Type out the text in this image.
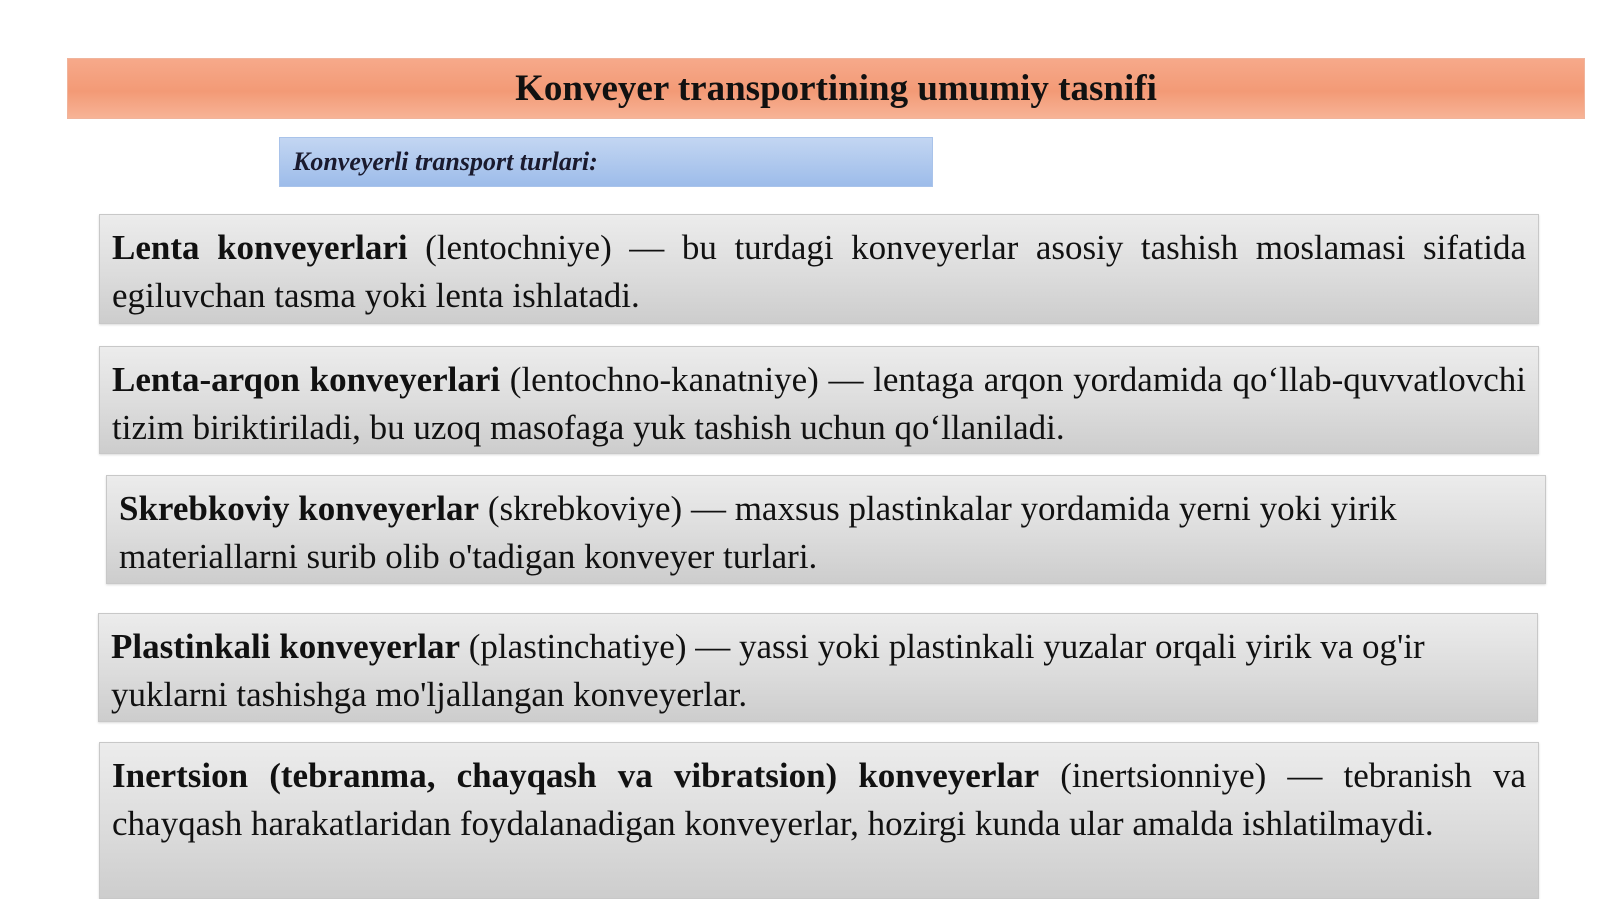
Konveyer transportining umumiy tasnifi
Konveyerli transport turlari:
Lenta konveyerlari (lentochniye) — bu turdagi konveyerlar asosiy tashish moslamasi sifatida egiluvchan tasma yoki lenta ishlatadi.
Lenta-arqon konveyerlari (lentochno-kanatniye) — lentaga arqon yordamida qo‘llab-quvvatlovchi tizim biriktiriladi, bu uzoq masofaga yuk tashish uchun qo‘llaniladi.
Skrebkoviy konveyerlar (skrebkoviye) — maxsus plastinkalar yordamida yerni yoki yirik materiallarni surib olib o'tadigan konveyer turlari.
Plastinkali konveyerlar (plastinchatiye) — yassi yoki plastinkali yuzalar orqali yirik va og'ir yuklarni tashishga mo'ljallangan konveyerlar.
Inertsion (tebranma, chayqash va vibratsion) konveyerlar (inertsionniye) — tebranish va chayqash harakatlaridan foydalanadigan konveyerlar, hozirgi kunda ular amalda ishlatilmaydi.
